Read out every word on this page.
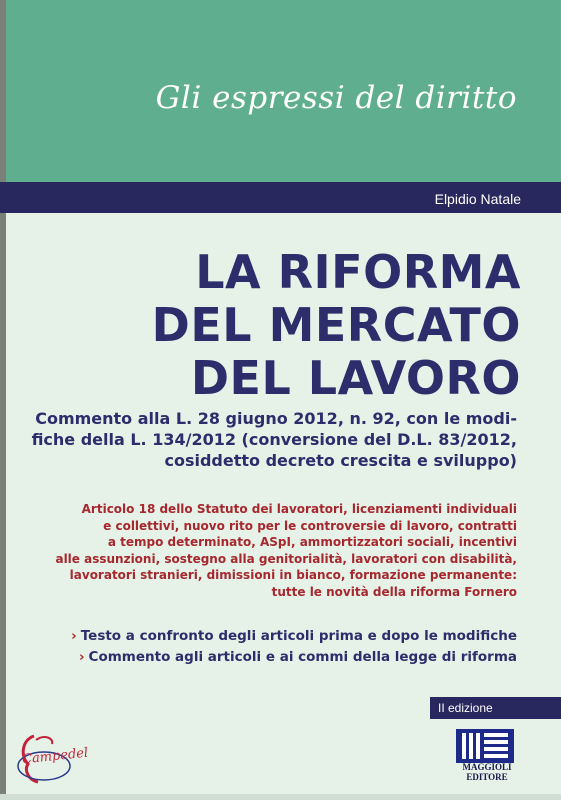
Gli espressi del diritto
Elpidio Natale
LA RIFORMA
DEL MERCATO
DEL LAVORO
Commento alla L. 28 giugno 2012, n. 92, con le modi-
fiche della L. 134/2012 (conversione del D.L. 83/2012,
cosiddetto decreto crescita e sviluppo)
Articolo 18 dello Statuto dei lavoratori, licenziamenti individuali
e collettivi, nuovo rito per le controversie di lavoro, contratti
a tempo determinato, ASpI, ammortizzatori sociali, incentivi
alle assunzioni, sostegno alla genitorialità, lavoratori con disabilità,
lavoratori stranieri, dimissioni in bianco, formazione permanente:
tutte le novità della riforma Fornero
› Testo a confronto degli articoli prima e dopo le modifiche
› Commento agli articoli e ai commi della legge di riforma
II edizione
MAGGIOLI
EDITORE
Campedel
